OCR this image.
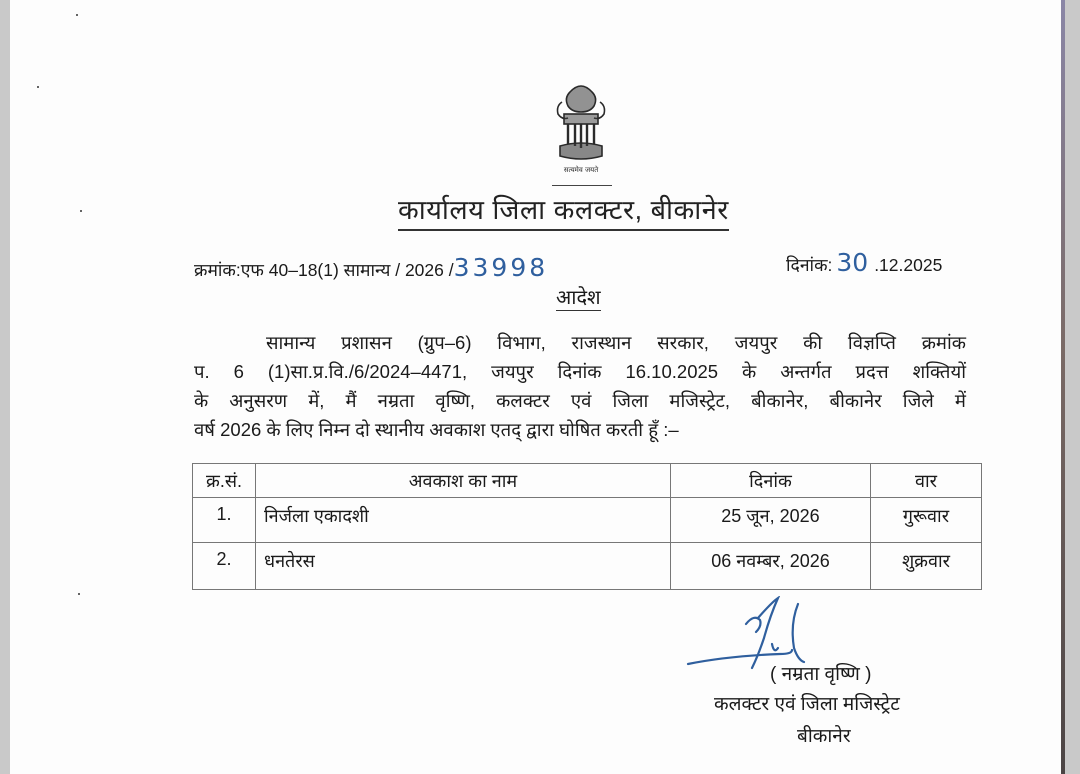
सत्यमेव जयते
कार्यालय जिला कलक्टर, बीकानेर
क्रमांक:एफ 40–18(1) सामान्य / 2026 /33998	दिनांक: 30 .12.2025
आदेश
सामान्य प्रशासन (ग्रुप–6) विभाग, राजस्थान सरकार, जयपुर की विज्ञप्ति क्रमांक
प. 6 (1)सा.प्र.वि./6/2024–4471, जयपुर दिनांक 16.10.2025 के अन्तर्गत प्रदत्त शक्तियों
के अनुसरण में, मैं नम्रता वृष्णि, कलक्टर एवं जिला मजिस्ट्रेट, बीकानेर, बीकानेर जिले में
वर्ष 2026 के लिए निम्न दो स्थानीय अवकाश एतद् द्वारा घोषित करती हूँ :–
क्र.सं.	अवकाश का नाम	दिनांक	वार
1.	निर्जला एकादशी	25 जून, 2026	गुरूवार
2.	धनतेरस	06 नवम्बर, 2026	शुक्रवार
( नम्रता वृष्णि )
कलक्टर एवं जिला मजिस्ट्रेट
बीकानेर
